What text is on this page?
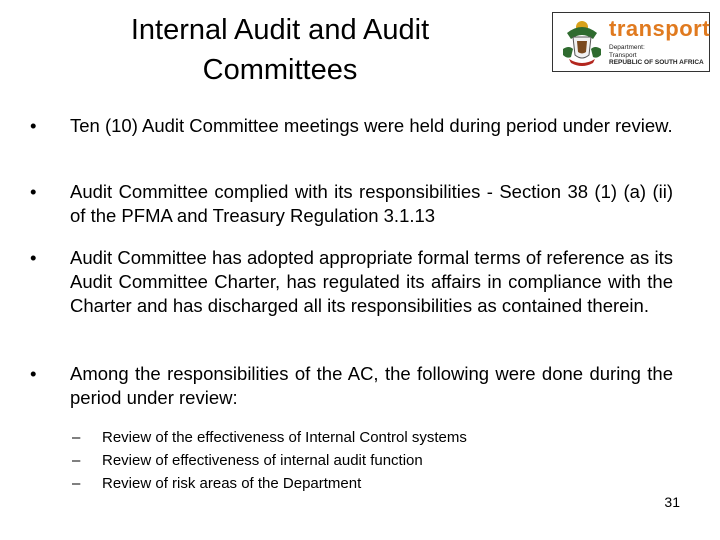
Internal Audit and Audit
Committees
transport
Department:
Transport
REPUBLIC OF SOUTH AFRICA
• Ten (10) Audit Committee meetings were held during period under review.
• Audit Committee complied with its responsibilities - Section 38 (1) (a) (ii) of the PFMA and Treasury Regulation 3.1.13
• Audit Committee has adopted appropriate formal terms of reference as its Audit Committee Charter, has regulated its affairs in compliance with the Charter and has discharged all its responsibilities as contained therein.
• Among the responsibilities of the AC, the following were done during the period under review:
– Review of the effectiveness of Internal Control systems
– Review of effectiveness of internal audit function
– Review of risk areas of the Department
31
